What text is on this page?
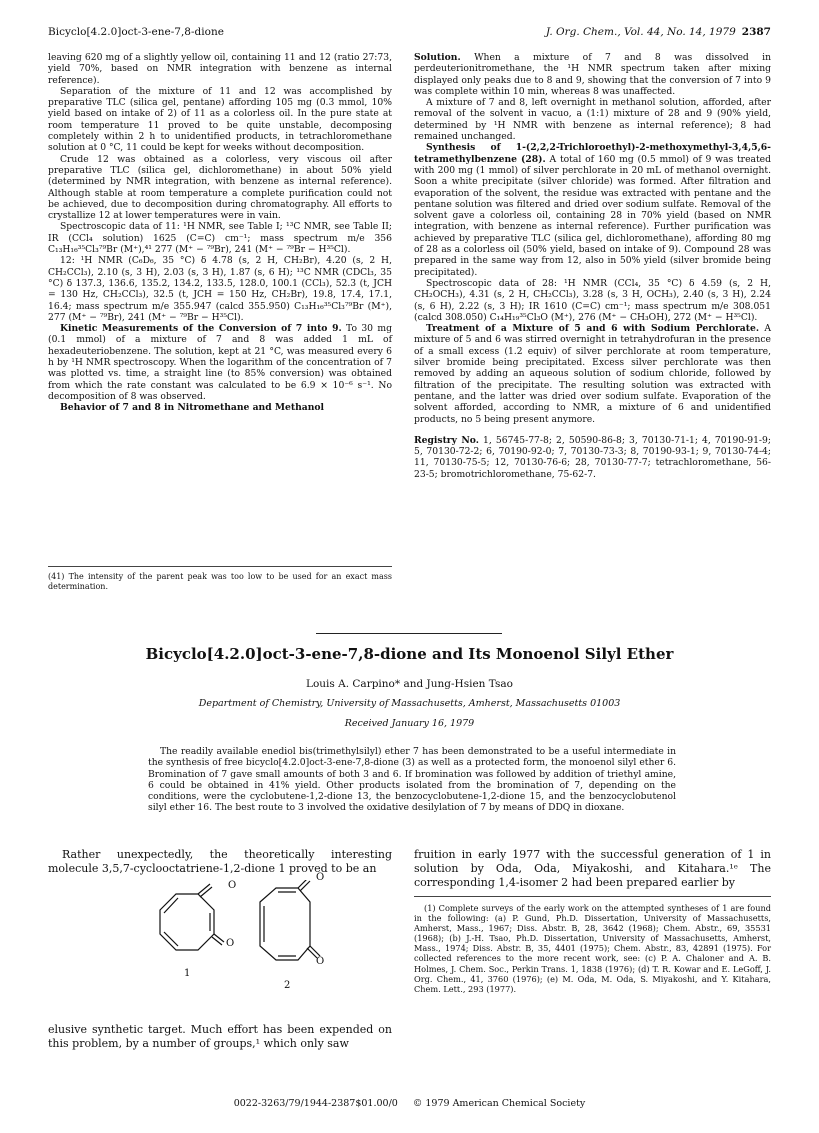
Bicyclo[4.2.0]oct-3-ene-7,8-dione	J. Org. Chem., Vol. 44, No. 14, 1979 2387

leaving 620 mg of a slightly yellow oil, containing 11 and 12 (ratio 27:73, yield 70%, based on NMR integration with benzene as internal reference).

Separation of the mixture of 11 and 12 was accomplished by preparative TLC (silica gel, pentane) affording 105 mg (0.3 mmol, 10% yield based on intake of 2) of 11 as a colorless oil. In the pure state at room temperature 11 proved to be quite unstable, decomposing completely within 2 h to unidentified products, in tetrachloromethane solution at 0 °C, 11 could be kept for weeks without decomposition.

Crude 12 was obtained as a colorless, very viscous oil after preparative TLC (silica gel, dichloromethane) in about 50% yield (determined by NMR integration, with benzene as internal reference). Although stable at room temperature a complete purification could not be achieved, due to decomposition during chromatography. All efforts to crystallize 12 at lower temperatures were in vain.

Spectroscopic data of 11: ¹H NMR, see Table I; ¹³C NMR, see Table II; IR (CCl₄ solution) 1625 (C=C) cm⁻¹; mass spectrum m/e 356 C₁₃H₁₆³⁵Cl₃⁷⁹Br (M⁺),⁴¹ 277 (M⁺ − ⁷⁹Br), 241 (M⁺ − ⁷⁹Br − H³⁵Cl).

12: ¹H NMR (C₆D₆, 35 °C) δ 4.78 (s, 2 H, CH₂Br), 4.20 (s, 2 H, CH₂CCl₃), 2.10 (s, 3 H), 2.03 (s, 3 H), 1.87 (s, 6 H); ¹³C NMR (CDCl₃, 35 °C) δ 137.3, 136.6, 135.2, 134.2, 133.5, 128.0, 100.1 (CCl₃), 52.3 (t, JCH = 130 Hz, CH₂CCl₃), 32.5 (t, JCH = 150 Hz, CH₂Br), 19.8, 17.4, 17.1, 16.4; mass spectrum m/e 355.947 (calcd 355.950) C₁₃H₁₆³⁵Cl₃⁷⁹Br (M⁺), 277 (M⁺ − ⁷⁹Br), 241 (M⁺ − ⁷⁹Br − H³⁵Cl).

Kinetic Measurements of the Conversion of 7 into 9. To 30 mg (0.1 mmol) of a mixture of 7 and 8 was added 1 mL of hexadeuteriobenzene. The solution, kept at 21 °C, was measured every 6 h by ¹H NMR spectroscopy. When the logarithm of the concentration of 7 was plotted vs. time, a straight line (to 85% conversion) was obtained from which the rate constant was calculated to be 6.9 × 10⁻⁶ s⁻¹. No decomposition of 8 was observed.

Behavior of 7 and 8 in Nitromethane and Methanol

(41) The intensity of the parent peak was too low to be used for an exact mass determination.

Solution. When a mixture of 7 and 8 was dissolved in perdeuterionitromethane, the ¹H NMR spectrum taken after mixing displayed only peaks due to 8 and 9, showing that the conversion of 7 into 9 was complete within 10 min, whereas 8 was unaffected.

A mixture of 7 and 8, left overnight in methanol solution, afforded, after removal of the solvent in vacuo, a (1:1) mixture of 28 and 9 (90% yield, determined by ¹H NMR with benzene as internal reference); 8 had remained unchanged.

Synthesis of 1-(2,2,2-Trichloroethyl)-2-methoxymethyl-3,4,5,6-tetramethylbenzene (28). A total of 160 mg (0.5 mmol) of 9 was treated with 200 mg (1 mmol) of silver perchlorate in 20 mL of methanol overnight. Soon a white precipitate (silver chloride) was formed. After filtration and evaporation of the solvent, the residue was extracted with pentane and the pentane solution was filtered and dried over sodium sulfate. Removal of the solvent gave a colorless oil, containing 28 in 70% yield (based on NMR integration, with benzene as internal reference). Further purification was achieved by preparative TLC (silica gel, dichloromethane), affording 80 mg of 28 as a colorless oil (50% yield, based on intake of 9). Compound 28 was prepared in the same way from 12, also in 50% yield (silver bromide being precipitated).

Spectroscopic data of 28: ¹H NMR (CCl₄, 35 °C) δ 4.59 (s, 2 H, CH₂OCH₃), 4.31 (s, 2 H, CH₂CCl₃), 3.28 (s, 3 H, OCH₃), 2.40 (s, 3 H), 2.24 (s, 6 H), 2.22 (s, 3 H); IR 1610 (C=C) cm⁻¹; mass spectrum m/e 308.051 (calcd 308.050) C₁₄H₁₉³⁵Cl₃O (M⁺), 276 (M⁺ − CH₃OH), 272 (M⁺ − H³⁵Cl).

Treatment of a Mixture of 5 and 6 with Sodium Perchlorate. A mixture of 5 and 6 was stirred overnight in tetrahydrofuran in the presence of a small excess (1.2 equiv) of silver perchlorate at room temperature, silver bromide being precipitated. Excess silver perchlorate was then removed by adding an aqueous solution of sodium chloride, followed by filtration of the precipitate. The resulting solution was extracted with pentane, and the latter was dried over sodium sulfate. Evaporation of the solvent afforded, according to NMR, a mixture of 6 and unidentified products, no 5 being present anymore.

Registry No. 1, 56745-77-8; 2, 50590-86-8; 3, 70130-71-1; 4, 70190-91-9; 5, 70130-72-2; 6, 70190-92-0; 7, 70130-73-3; 8, 70190-93-1; 9, 70130-74-4; 11, 70130-75-5; 12, 70130-76-6; 28, 70130-77-7; tetrachloromethane, 56-23-5; bromotrichloromethane, 75-62-7.

Bicyclo[4.2.0]oct-3-ene-7,8-dione and Its Monoenol Silyl Ether
Louis A. Carpino* and Jung-Hsien Tsao
Department of Chemistry, University of Massachusetts, Amherst, Massachusetts 01003
Received January 16, 1979
The readily available enediol bis(trimethylsilyl) ether 7 has been demonstrated to be a useful intermediate in the synthesis of free bicyclo[4.2.0]oct-3-ene-7,8-dione (3) as well as a protected form, the monoenol silyl ether 6. Bromination of 7 gave small amounts of both 3 and 6. If bromination was followed by addition of triethyl amine, 6 could be obtained in 41% yield. Other products isolated from the bromination of 7, depending on the conditions, were the cyclobutene-1,2-dione 13, the benzocyclobutene-1,2-dione 15, and the benzocyclobutenol silyl ether 16. The best route to 3 involved the oxidative desilylation of 7 by means of DDQ in dioxane.
Rather unexpectedly, the theoretically interesting molecule 3,5,7-cyclooctatriene-1,2-dione 1 proved to be an
O
O
O
O
1
2
elusive synthetic target. Much effort has been expended on this problem, by a number of groups,¹ which only saw
fruition in early 1977 with the successful generation of 1 in solution by Oda, Oda, Miyakoshi, and Kitahara.¹ᵉ The corresponding 1,4-isomer 2 had been prepared earlier by
(1) Complete surveys of the early work on the attempted syntheses of 1 are found in the following: (a) P. Gund, Ph.D. Dissertation, University of Massachusetts, Amherst, Mass., 1967; Diss. Abstr. B, 28, 3642 (1968); Chem. Abstr., 69, 35531 (1968); (b) J.-H. Tsao, Ph.D. Dissertation, University of Massachusetts, Amherst, Mass., 1974; Diss. Abstr. B, 35, 4401 (1975); Chem. Abstr., 83, 42891 (1975). For collected references to the more recent work, see: (c) P. A. Chaloner and A. B. Holmes, J. Chem. Soc., Perkin Trans. 1, 1838 (1976); (d) T. R. Kowar and E. LeGoff, J. Org. Chem., 41, 3760 (1976); (e) M. Oda, M. Oda, S. Miyakoshi, and Y. Kitahara, Chem. Lett., 293 (1977).
0022-3263/79/1944-2387$01.00/0 © 1979 American Chemical Society
